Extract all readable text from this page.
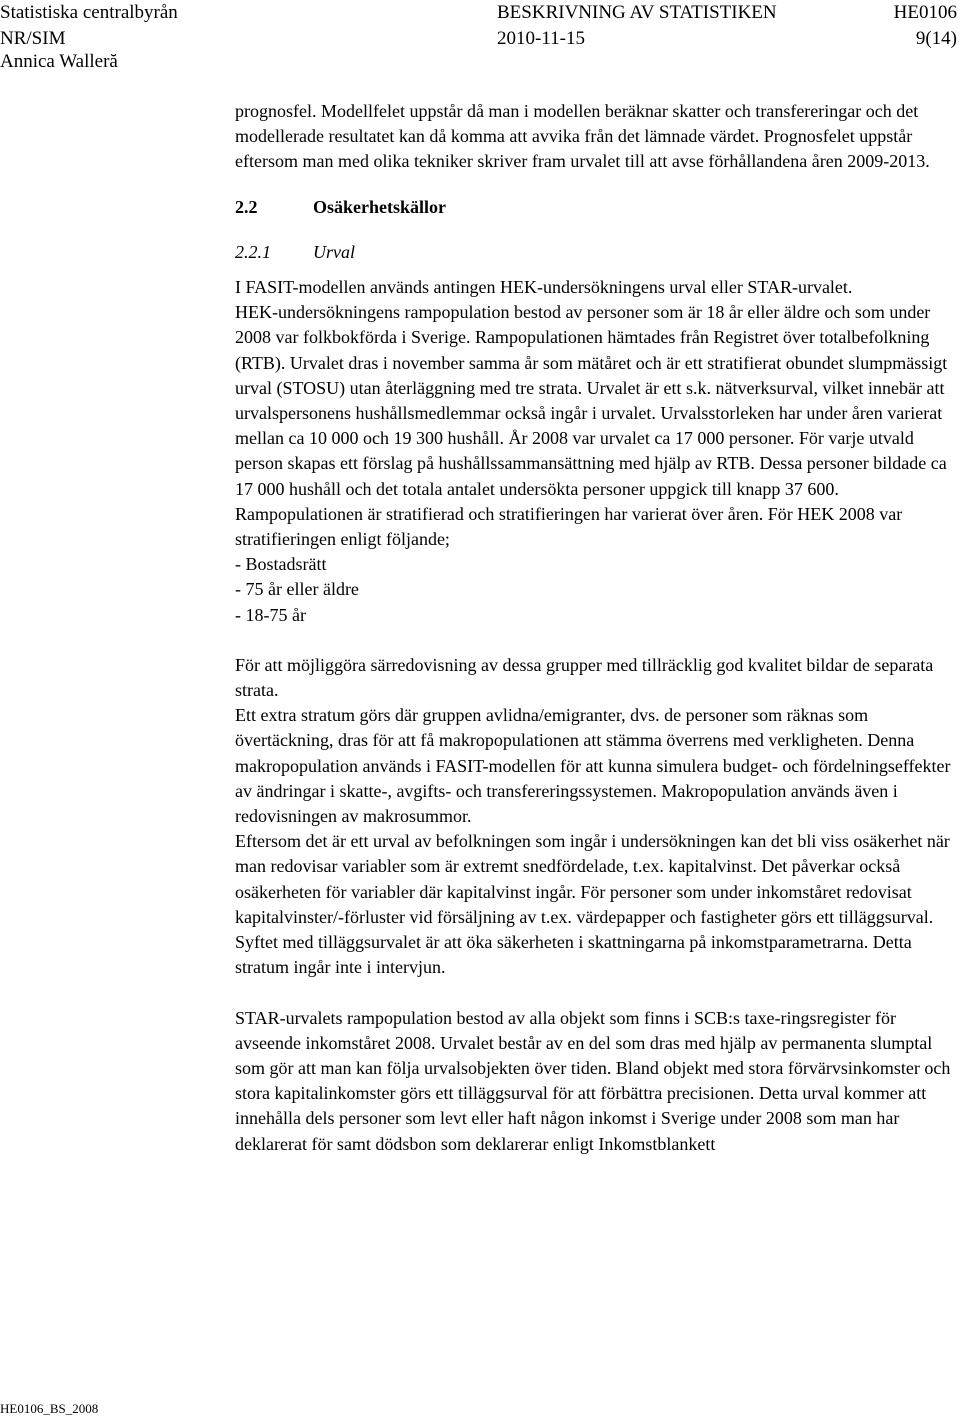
Statistiska centralbyrån
NR/SIM
Annica Walleră
BESKRIVNING AV STATISTIKEN
2010-11-15
HE0106
9(14)

prognosfel. Modellfelet uppstår då man i modellen beräknar skatter och transfereringar och det modellerade resultatet kan då komma att avvika från det lämnade värdet. Prognosfelet uppstår eftersom man med olika tekniker skriver fram urvalet till att avse förhållandena åren 2009-2013.

2.2	Osäkerhetskällor

2.2.1 Urval

I FASIT-modellen används antingen HEK-undersökningens urval eller STAR-urvalet.

HEK-undersökningens rampopulation bestod av personer som är 18 år eller äldre och som under 2008 var folkbokförda i Sverige. Rampopulationen hämtades från Registret över totalbefolkning (RTB). Urvalet dras i november samma år som mätåret och är ett stratifierat obundet slumpmässigt urval (STOSU) utan återläggning med tre strata. Urvalet är ett s.k. nätverksurval, vilket innebär att urvalspersonens hushållsmedlemmar också ingår i urvalet. Urvalsstorleken har under åren varierat mellan ca 10 000 och 19 300 hushåll. År 2008 var urvalet ca 17 000 personer. För varje utvald person skapas ett förslag på hushållssammansättning med hjälp av RTB. Dessa personer bildade ca 17 000 hushåll och det totala antalet undersökta personer uppgick till knapp 37 600. Rampopulationen är stratifierad och stratifieringen har varierat över åren. För HEK 2008 var stratifieringen enligt följande;

- Bostadsrätt

- 75 år eller äldre

- 18-75 år

För att möjliggöra särredovisning av dessa grupper med tillräcklig god kvalitet bildar de separata strata.

Ett extra stratum görs där gruppen avlidna/emigranter, dvs. de personer som räknas som övertäckning, dras för att få makropopulationen att stämma överrens med verkligheten. Denna makropopulation används i FASIT-modellen för att kunna simulera budget- och fördelningseffekter av ändringar i skatte-, avgifts- och transfereringssystemen. Makropopulation används även i redovisningen av makrosummor.

Eftersom det är ett urval av befolkningen som ingår i undersökningen kan det bli viss osäkerhet när man redovisar variabler som är extremt snedfördelade, t.ex. kapitalvinst. Det påverkar också osäkerheten för variabler där kapitalvinst ingår. För personer som under inkomståret redovisat kapitalvinster/-förluster vid försäljning av t.ex. värdepapper och fastigheter görs ett tilläggsurval. Syftet med tilläggsurvalet är att öka säkerheten i skattningarna på inkomstparametrarna. Detta stratum ingår inte i intervjun.

STAR-urvalets rampopulation bestod av alla objekt som finns i SCB:s taxe-ringsregister för avseende inkomståret 2008. Urvalet består av en del som dras med hjälp av permanenta slumptal som gör att man kan följa urvalsobjekten över tiden. Bland objekt med stora förvärvsinkomster och stora kapitalinkomster görs ett tilläggsurval för att förbättra precisionen. Detta urval kommer att innehålla dels personer som levt eller haft någon inkomst i Sverige under 2008 som man har deklarerat för samt dödsbon som deklarerar enligt Inkomstblankett

HE0106_BS_2008
